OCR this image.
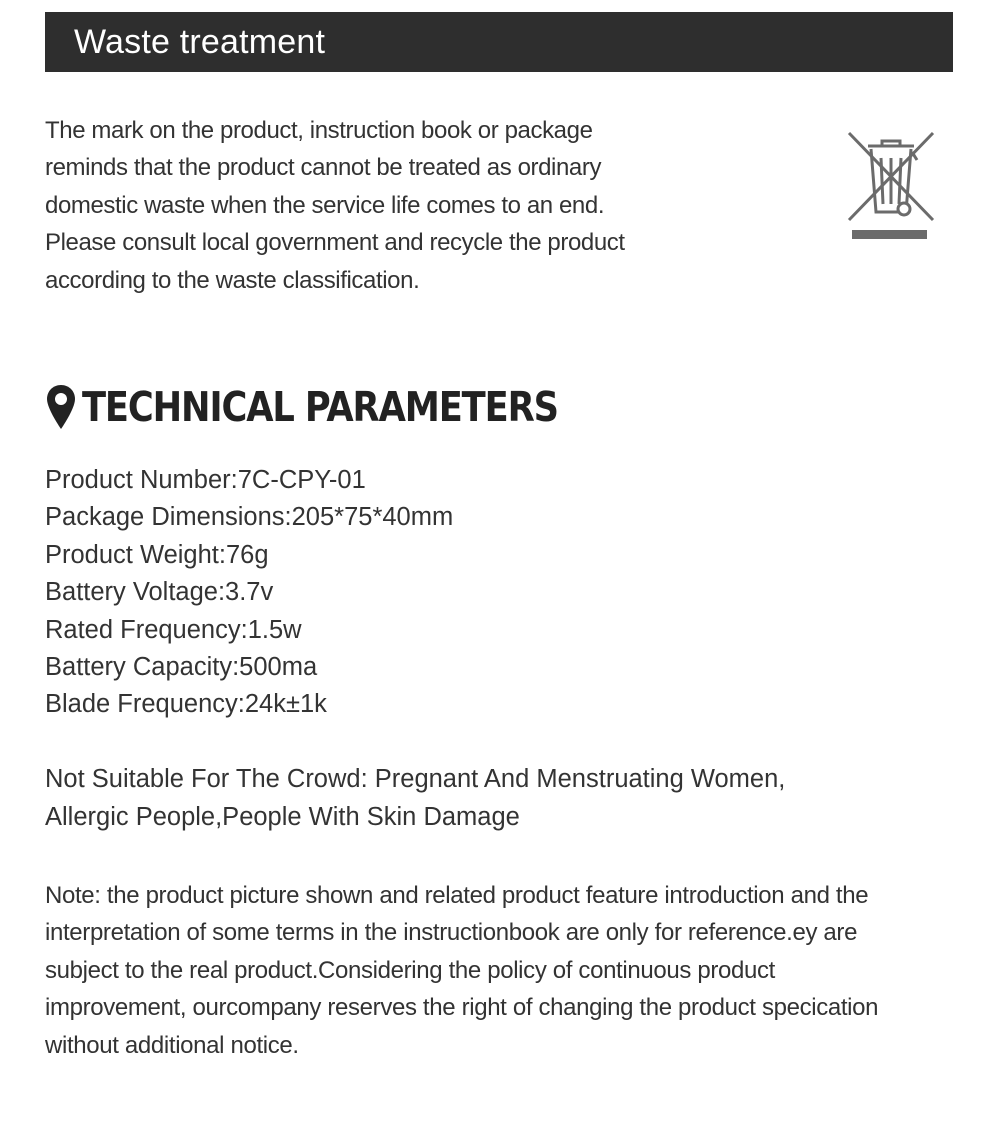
Waste treatment

The mark on the product, instruction book or package

reminds that the product cannot be treated as ordinary

domestic waste when the service life comes to an end.

Please consult local government and recycle the product

according to the waste classification.

TECHNICAL PARAMETERS
Product Number:7C-CPY-01
Package Dimensions:205*75*40mm
Product Weight:76g
Battery Voltage:3.7v
Rated Frequency:1.5w
Battery Capacity:500ma
Blade Frequency:24k±1k

Not Suitable For The Crowd: Pregnant And Menstruating Women,

Allergic People,People With Skin Damage

Note: the product picture shown and related product feature introduction and the

interpretation of some terms in the instructionbook are only for reference.ey are

subject to the real product.Considering the policy of continuous product

improvement, ourcompany reserves the right of changing the product specication

without additional notice.
